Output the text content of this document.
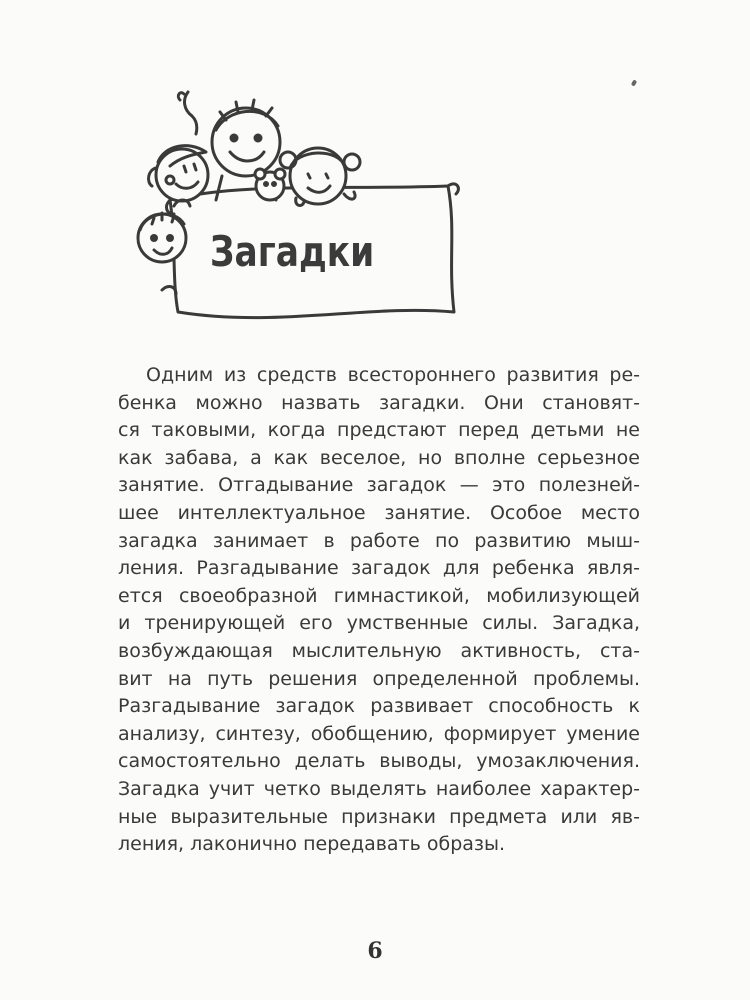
Загадки
Одним из средств всестороннего развития ре-
бенка можно назвать загадки. Они становят-
ся таковыми, когда предстают перед детьми не
как забава, а как веселое, но вполне серьезное
занятие. Отгадывание загадок — это полезней-
шее интеллектуальное занятие. Особое место
загадка занимает в работе по развитию мыш-
ления. Разгадывание загадок для ребенка явля-
ется своеобразной гимнастикой, мобилизующей
и тренирующей его умственные силы. Загадка,
возбуждающая мыслительную активность, ста-
вит на путь решения определенной проблемы.
Разгадывание загадок развивает способность к
анализу, синтезу, обобщению, формирует умение
самостоятельно делать выводы, умозаключения.
Загадка учит четко выделять наиболее характер-
ные выразительные признаки предмета или яв-
ления, лаконично передавать образы.
6
